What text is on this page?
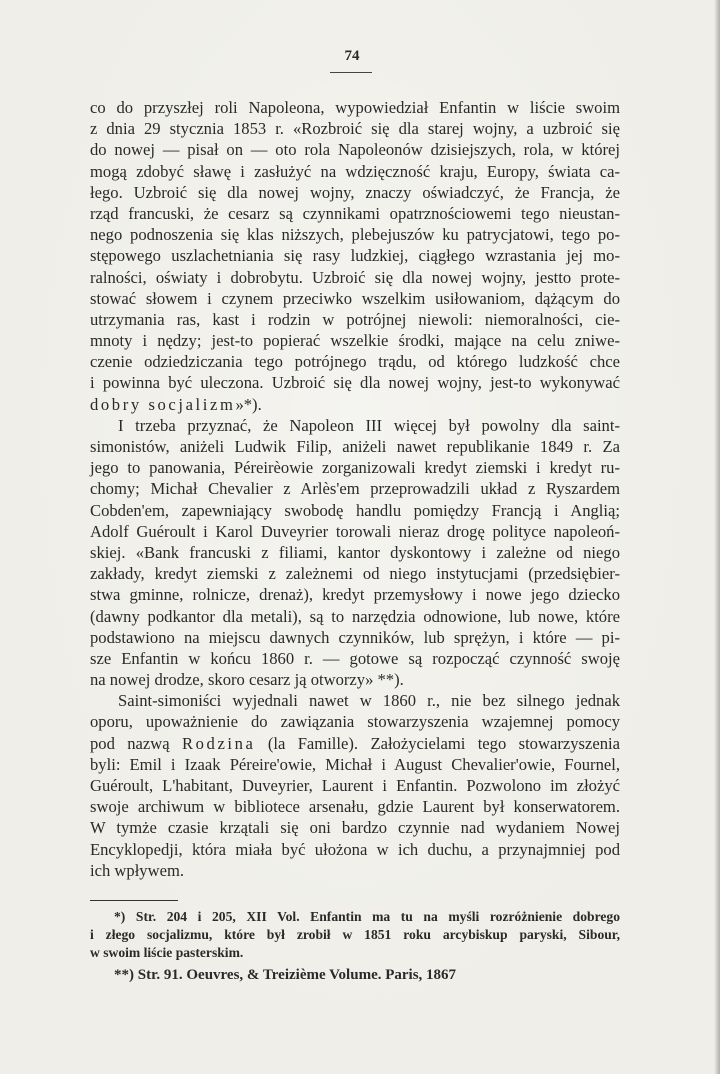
74
co do przyszłej roli Napoleona, wypowiedział Enfantin w liście swoim
z dnia 29 stycznia 1853 r. «Rozbroić się dla starej wojny, a uzbroić się
do nowej — pisał on — oto rola Napoleonów dzisiejszych, rola, w której
mogą zdobyć sławę i zasłużyć na wdzięczność kraju, Europy, świata ca-
łego. Uzbroić się dla nowej wojny, znaczy oświadczyć, że Francja, że
rząd francuski, że cesarz są czynnikami opatrznościowemi tego nieustan-
nego podnoszenia się klas niższych, plebejuszów ku patrycjatowi, tego po-
stępowego uszlachetniania się rasy ludzkiej, ciągłego wzrastania jej mo-
ralności, oświaty i dobrobytu. Uzbroić się dla nowej wojny, jestto prote-
stować słowem i czynem przeciwko wszelkim usiłowaniom, dążącym do
utrzymania ras, kast i rodzin w potrójnej niewoli: niemoralności, cie-
mnoty i nędzy; jest-to popierać wszelkie środki, mające na celu zniwe-
czenie odziedziczania tego potrójnego trądu, od którego ludzkość chce
i powinna być uleczona. Uzbroić się dla nowej wojny, jest-to wykonywać
dobry socjalizm»*).
I trzeba przyznać, że Napoleon III więcej był powolny dla saint-
simonistów, aniżeli Ludwik Filip, aniżeli nawet republikanie 1849 r. Za
jego to panowania, Péreirèowie zorganizowali kredyt ziemski i kredyt ru-
chomy; Michał Chevalier z Arlès'em przeprowadzili układ z Ryszardem
Cobden'em, zapewniający swobodę handlu pomiędzy Francją i Anglią;
Adolf Guéroult i Karol Duveyrier torowali nieraz drogę polityce napoleoń-
skiej. «Bank francuski z filiami, kantor dyskontowy i zależne od niego
zakłady, kredyt ziemski z zależnemi od niego instytucjami (przedsiębier-
stwa gminne, rolnicze, drenaż), kredyt przemysłowy i nowe jego dziecko
(dawny podkantor dla metali), są to narzędzia odnowione, lub nowe, które
podstawiono na miejscu dawnych czynników, lub sprężyn, i które — pi-
sze Enfantin w końcu 1860 r. — gotowe są rozpocząć czynność swoję
na nowej drodze, skoro cesarz ją otworzy» **).
Saint-simoniści wyjednali nawet w 1860 r., nie bez silnego jednak
oporu, upoważnienie do zawiązania stowarzyszenia wzajemnej pomocy
pod nazwą Rodzina (la Famille). Założycielami tego stowarzyszenia
byli: Emil i Izaak Péreire'owie, Michał i August Chevalier'owie, Fournel,
Guéroult, L'habitant, Duveyrier, Laurent i Enfantin. Pozwolono im złożyć
swoje archiwum w bibliotece arsenału, gdzie Laurent był konserwatorem.
W tymże czasie krzątali się oni bardzo czynnie nad wydaniem Nowej
Encyklopedji, która miała być ułożona w ich duchu, a przynajmniej pod
ich wpływem.
*) Str. 204 i 205, XII Vol. Enfantin ma tu na myśli rozróżnienie dobrego
i złego socjalizmu, które był zrobił w 1851 roku arcybiskup paryski, Sibour,
w swoim liście pasterskim.
**) Str. 91. Oeuvres, & Treizième Volume. Paris, 1867
